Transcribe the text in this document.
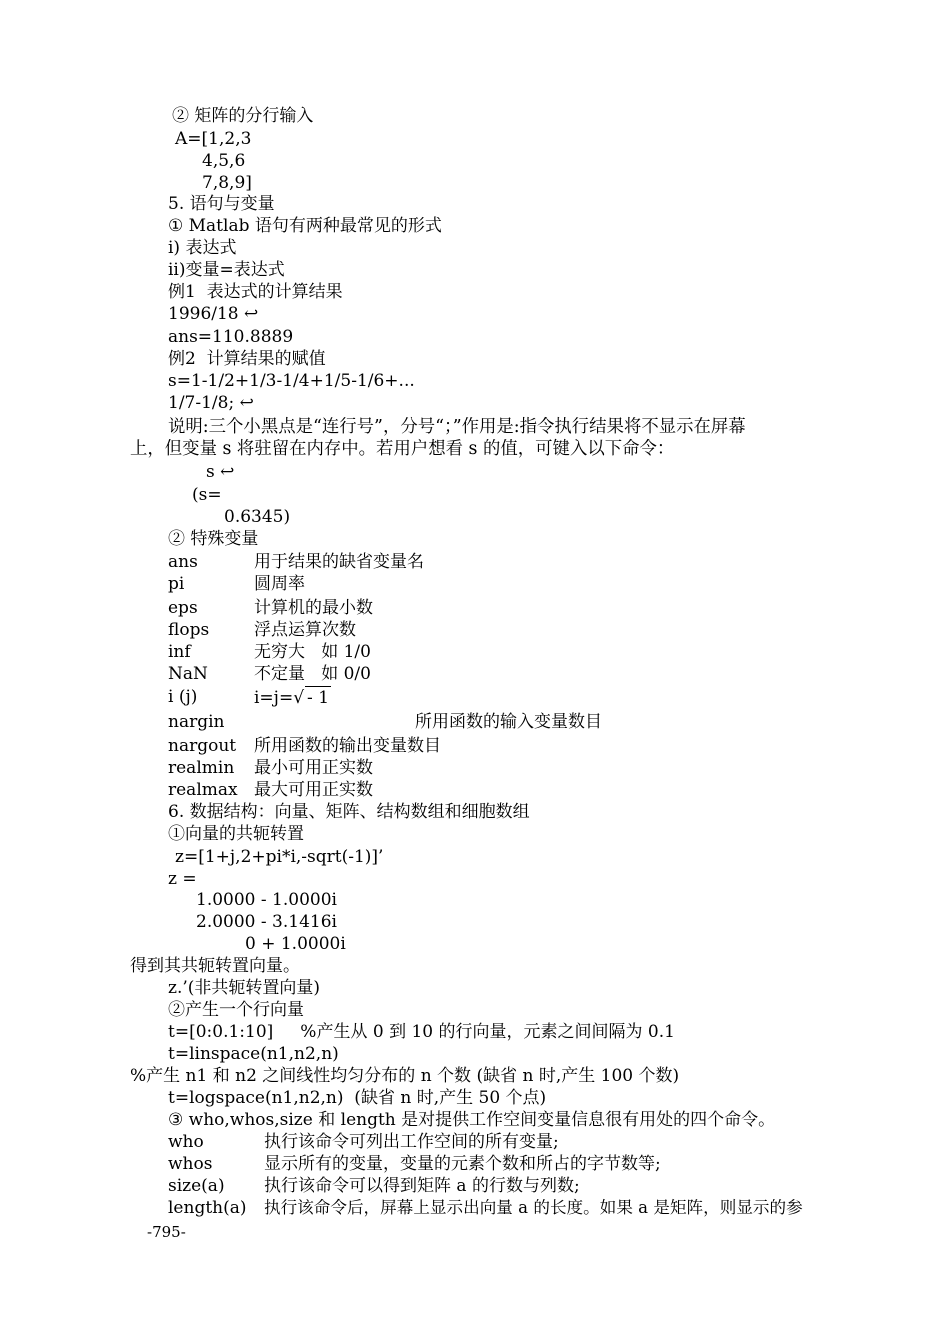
② 矩阵的分行输入
A=[1,2,3
4,5,6
7,8,9]
5. 语句与变量
① Matlab 语句有两种最常见的形式
i) 表达式
ii)变量=表达式
例1  表达式的计算结果
1996/18 ↩
ans=110.8889
例2  计算结果的赋值
s=1-1/2+1/3-1/4+1/5-1/6+...
1/7-1/8; ↩
说明:三个小黑点是“连行号”，分号“；”作用是:指令执行结果将不显示在屏幕
上，但变量 s 将驻留在内存中。若用户想看 s 的值，可键入以下命令：
s ↩
(s=
0.6345)
② 特殊变量
ans	用于结果的缺省变量名
pi	圆周率
eps	计算机的最小数
flops	浮点运算次数
inf	无穷大   如 1/0
NaN	不定量   如 0/0
i (j)	i=j=√ - 1
nargin	所用函数的输入变量数目
nargout 所用函数的输出变量数目
realmin 最小可用正实数
realmax 最大可用正实数
6. 数据结构：向量、矩阵、结构数组和细胞数组
①向量的共轭转置
z=[1+j,2+pi*i,-sqrt(-1)]’
z =
1.0000 - 1.0000i
2.0000 - 3.1416i
0 + 1.0000i
得到其共轭转置向量。
z.’(非共轭转置向量)
②产生一个行向量
t=[0:0.1:10]     %产生从 0 到 10 的行向量，元素之间间隔为 0.1
t=linspace(n1,n2,n)
%产生 n1 和 n2 之间线性均匀分布的 n 个数 (缺省 n 时,产生 100 个数)
t=logspace(n1,n2,n)  (缺省 n 时,产生 50 个点)
③ who,whos,size 和 length 是对提供工作空间变量信息很有用处的四个命令。
who	执行该命令可列出工作空间的所有变量;
whos	显示所有的变量，变量的元素个数和所占的字节数等;
size(a) 执行该命令可以得到矩阵 a 的行数与列数;
length(a) 执行该命令后，屏幕上显示出向量 a 的长度。如果 a 是矩阵，则显示的参
-795-
